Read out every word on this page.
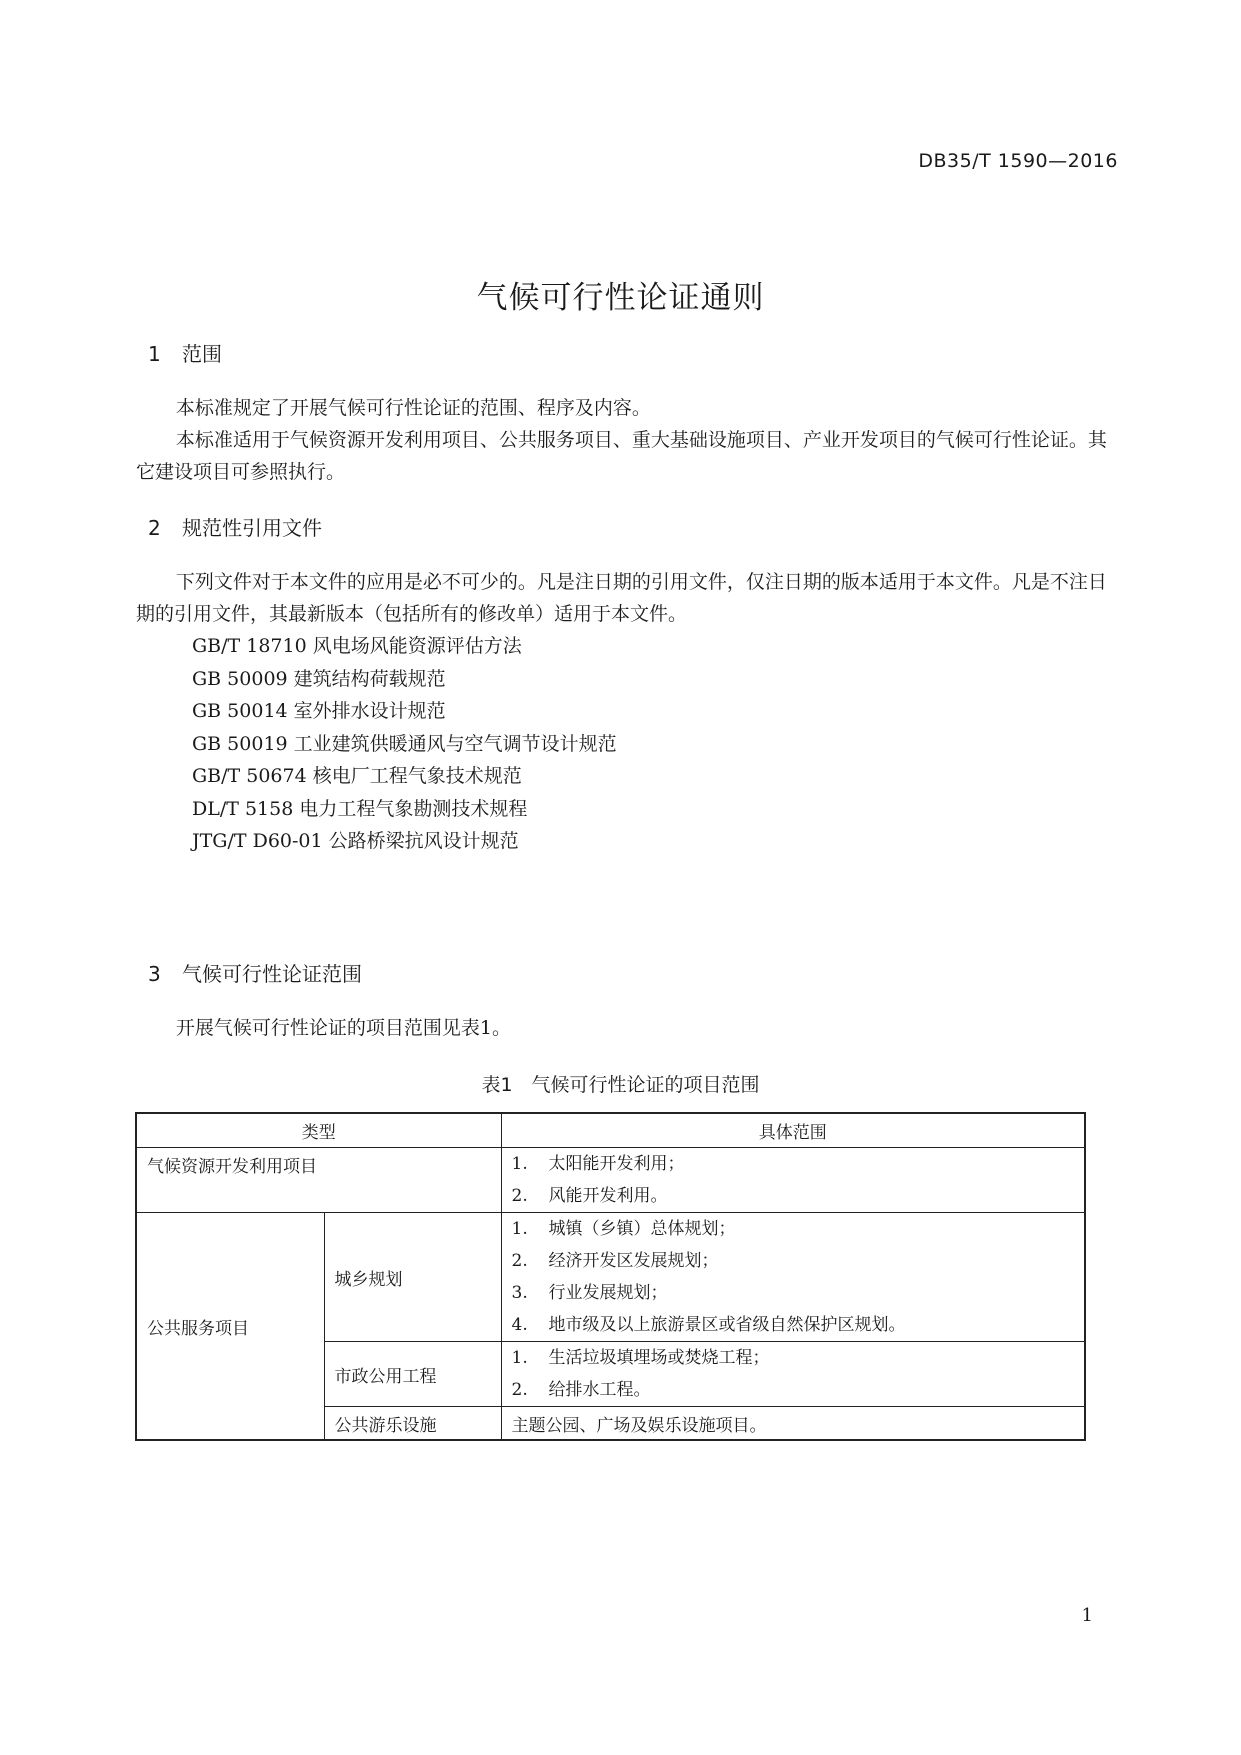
DB35/T 1590—2016
气候可行性论证通则
1 范围

本标准规定了开展气候可行性论证的范围、程序及内容。

本标准适用于气候资源开发利用项目、公共服务项目、重大基础设施项目、产业开发项目的气候可行性论证。其它建设项目可参照执行。

2 规范性引用文件

下列文件对于本文件的应用是必不可少的。凡是注日期的引用文件，仅注日期的版本适用于本文件。凡是不注日期的引用文件，其最新版本（包括所有的修改单）适用于本文件。

GB/T 18710 风电场风能资源评估方法
GB 50009 建筑结构荷载规范
GB 50014 室外排水设计规范
GB 50019 工业建筑供暖通风与空气调节设计规范
GB/T 50674 核电厂工程气象技术规范
DL/T 5158 电力工程气象勘测技术规程
JTG/T D60-01 公路桥梁抗风设计规范
3 气候可行性论证范围

开展气候可行性论证的项目范围见表1。

表1　气候可行性论证的项目范围
类型		具体范围
气候资源开发利用项目		1. 太阳能开发利用；
2. 风能开发利用。

公共服务项目	城乡规划	1. 城镇（乡镇）总体规划；
2. 经济开发区发展规划；
3. 行业发展规划；
4. 地市级及以上旅游景区或省级自然保护区规划。

	市政公用工程	1. 生活垃圾填埋场或焚烧工程；
2. 给排水工程。

	公共游乐设施	主题公园、广场及娱乐设施项目。
1
